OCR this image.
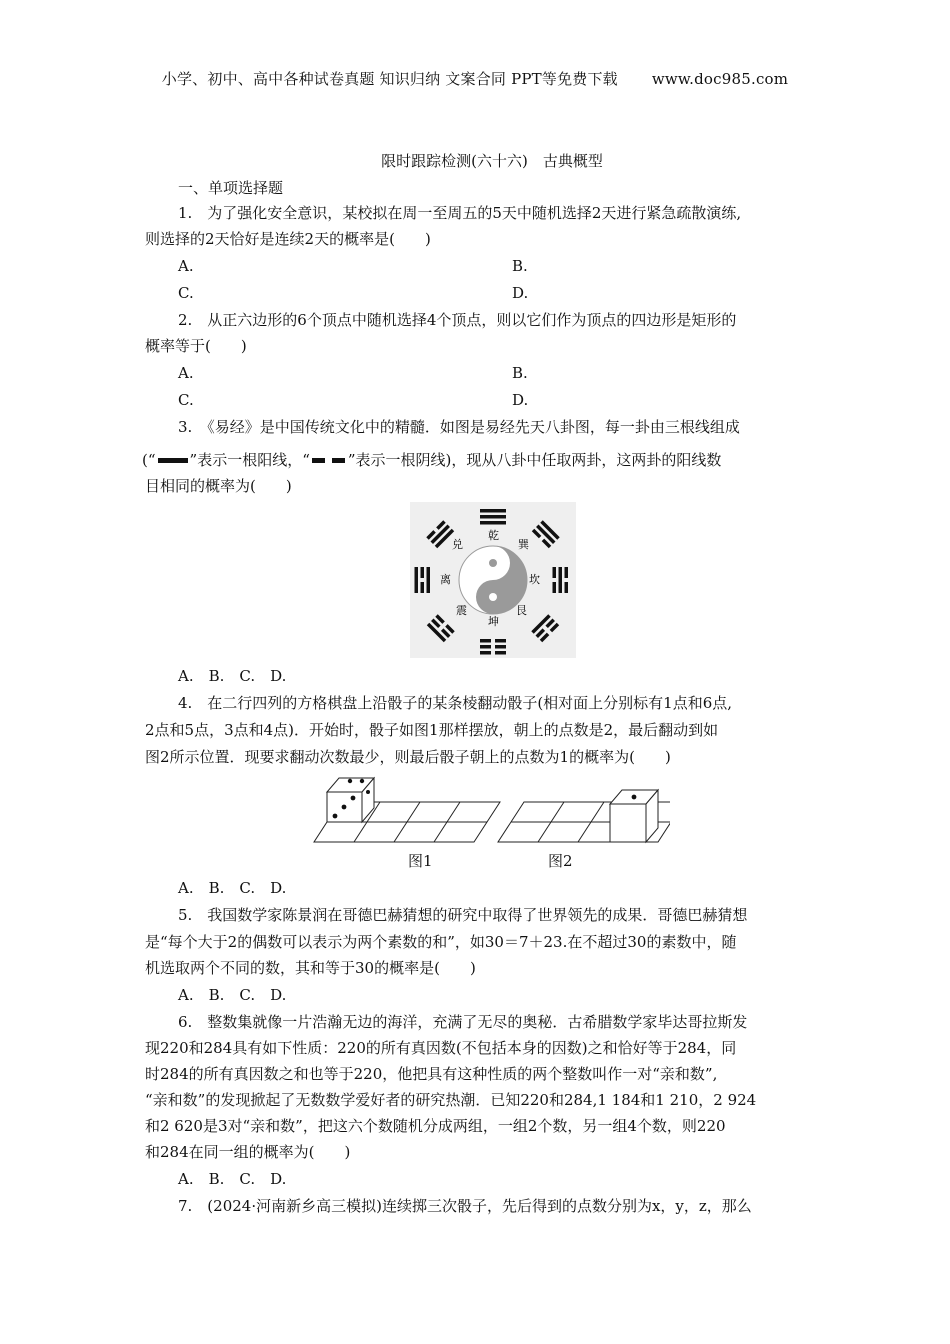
小学、初中、高中各种试卷真题 知识归纳 文案合同 PPT等免费下载 www.doc985.com
限时跟踪检测(六十六)　古典概型
一、单项选择题
1.　为了强化安全意识，某校拟在周一至周五的5天中随机选择2天进行紧急疏散演练,
则选择的2天恰好是连续2天的概率是(　　)
A.	B.
C.	D.
2.　从正六边形的6个顶点中随机选择4个顶点，则以它们作为顶点的四边形是矩形的
概率等于(　　)
A.	B.
C.	D.
3.　《易经》是中国传统文化中的精髓．如图是易经先天八卦图，每一卦由三根线组成
(“ ”表示一根阳线，“	”表示一根阴线)，现从八卦中任取两卦，这两卦的阳线数
目相同的概率为(　　)
乾
巽
坎
艮
坤
震
离
兑
A.　B.　C.　D.
4.　在二行四列的方格棋盘上沿骰子的某条棱翻动骰子(相对面上分别标有1点和6点,
2点和5点，3点和4点)．开始时，骰子如图1那样摆放，朝上的点数是2，最后翻动到如
图2所示位置．现要求翻动次数最少，则最后骰子朝上的点数为1的概率为(　　)
图1	图2
A.　B.　C.　D.
5.　我国数学家陈景润在哥德巴赫猜想的研究中取得了世界领先的成果．哥德巴赫猜想
是“每个大于2的偶数可以表示为两个素数的和”，如30＝7＋23.在不超过30的素数中，随
机选取两个不同的数，其和等于30的概率是(　　)
A.　B.　C.　D.
6.　整数集就像一片浩瀚无边的海洋，充满了无尽的奥秘．古希腊数学家毕达哥拉斯发
现220和284具有如下性质：220的所有真因数(不包括本身的因数)之和恰好等于284，同
时284的所有真因数之和也等于220，他把具有这种性质的两个整数叫作一对“亲和数”,
“亲和数”的发现掀起了无数数学爱好者的研究热潮．已知220和284,1 184和1 210，2 924
和2 620是3对“亲和数”，把这六个数随机分成两组，一组2个数，另一组4个数，则220
和284在同一组的概率为(　　)
A.　B.　C.　D.
7.　(2024·河南新乡高三模拟)连续掷三次骰子，先后得到的点数分别为x，y，z，那么
